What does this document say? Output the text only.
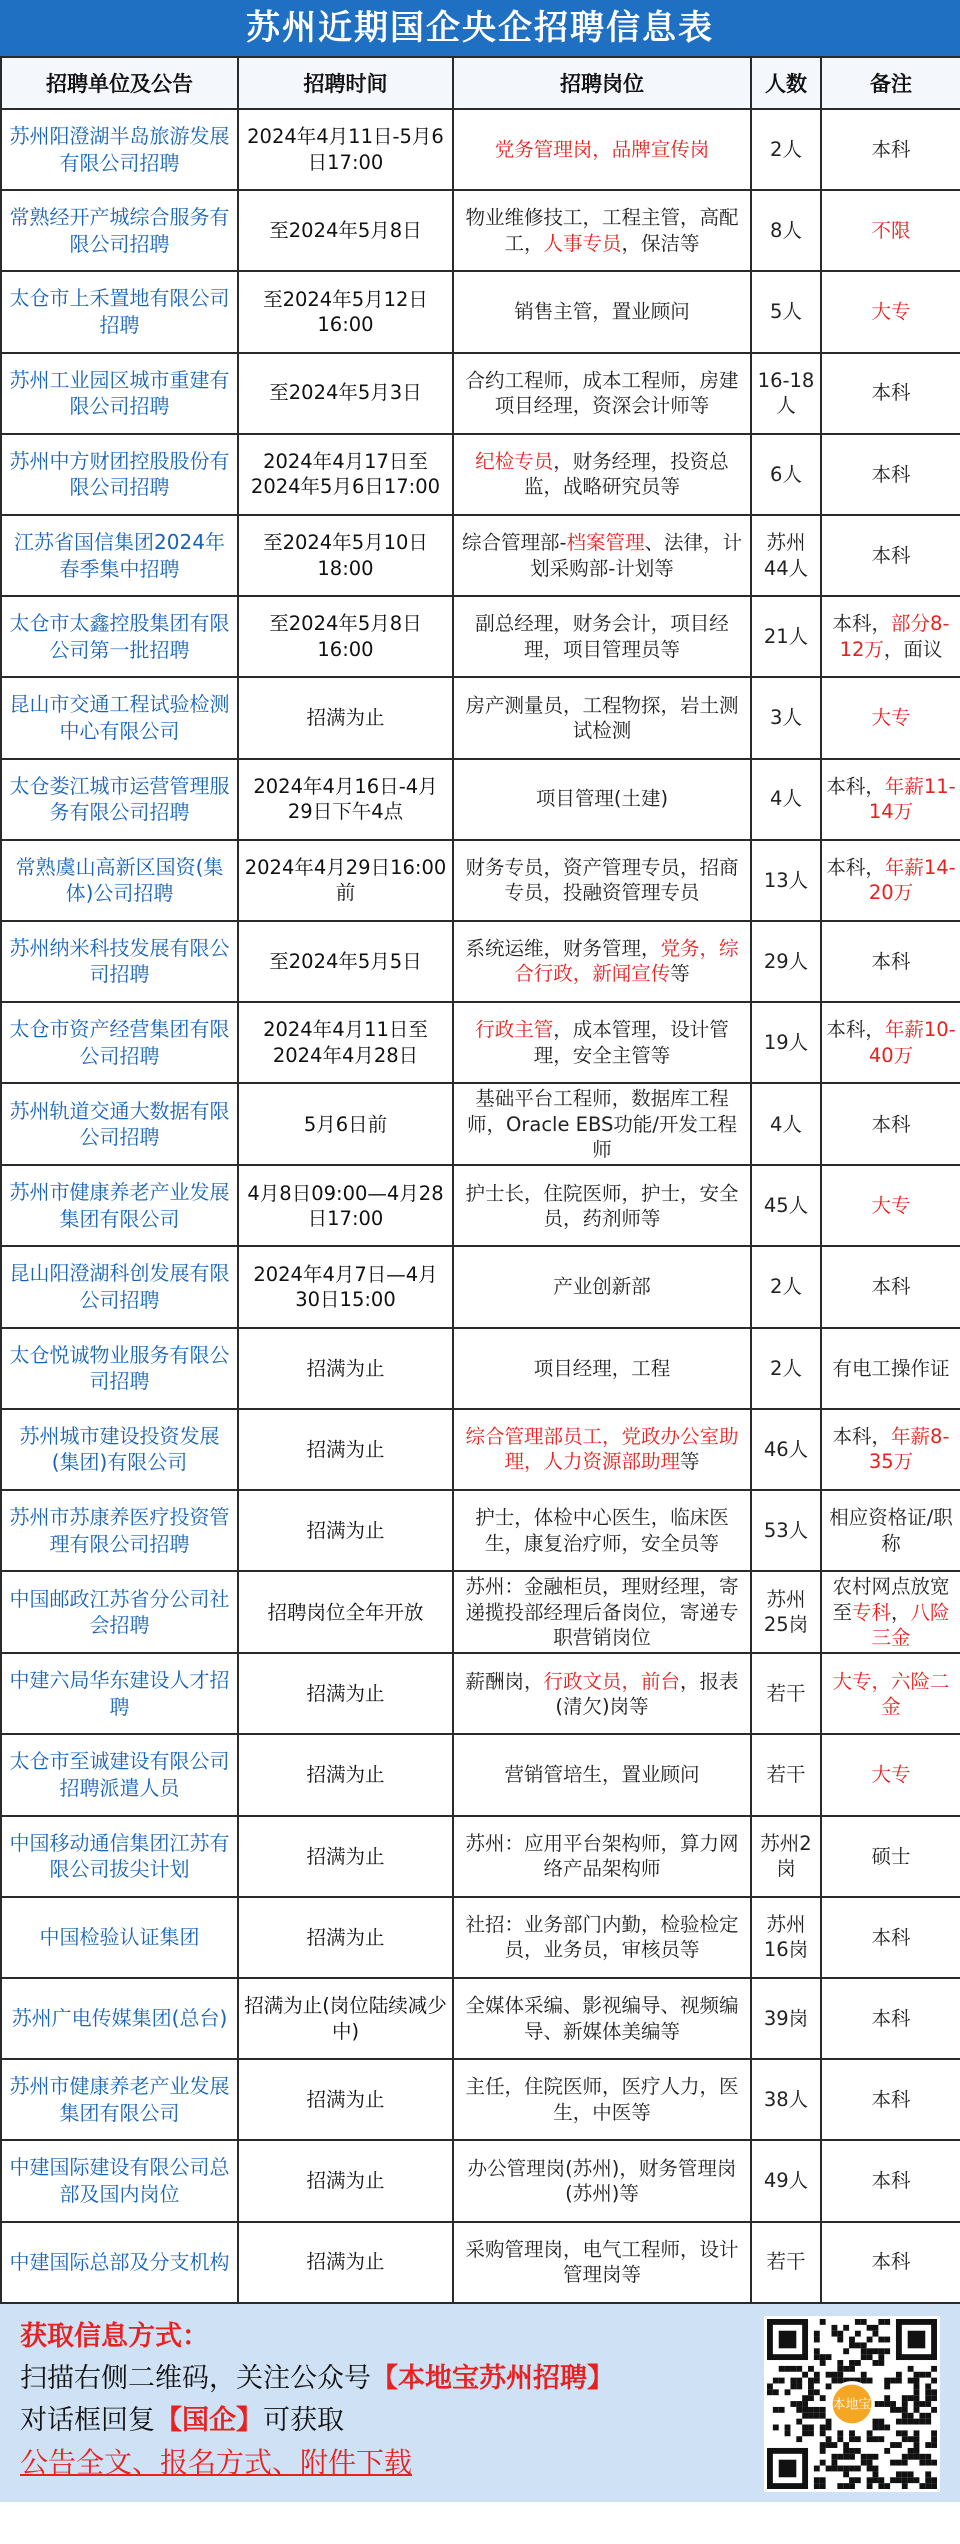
苏州近期国企央企招聘信息表
招聘单位及公告	招聘时间	招聘岗位	人数	备注
苏州阳澄湖半岛旅游发展有限公司招聘	2024年4月11日-5月6日17:00	党务管理岗，品牌宣传岗	2人	本科
常熟经开产城综合服务有限公司招聘	至2024年5月8日	物业维修技工，工程主管，高配工，人事专员，保洁等	8人	不限
太仓市上禾置地有限公司招聘	至2024年5月12日16:00	销售主管，置业顾问	5人	大专
苏州工业园区城市重建有限公司招聘	至2024年5月3日	合约工程师，成本工程师，房建项目经理，资深会计师等	16-18人	本科
苏州中方财团控股股份有限公司招聘	2024年4月17日至2024年5月6日17:00	纪检专员，财务经理，投资总监，战略研究员等	6人	本科
江苏省国信集团2024年春季集中招聘	至2024年5月10日18:00	综合管理部-档案管理、法律，计划采购部-计划等	苏州44人	本科
太仓市太鑫控股集团有限公司第一批招聘	至2024年5月8日16:00	副总经理，财务会计，项目经理，项目管理员等	21人	本科，部分8-12万，面议
昆山市交通工程试验检测中心有限公司	招满为止	房产测量员，工程物探，岩土测试检测	3人	大专
太仓娄江城市运营管理服务有限公司招聘	2024年4月16日-4月29日下午4点	项目管理(土建)	4人	本科，年薪11-14万
常熟虞山高新区国资(集体)公司招聘	2024年4月29日16:00前	财务专员，资产管理专员，招商专员，投融资管理专员	13人	本科，年薪14-20万
苏州纳米科技发展有限公司招聘	至2024年5月5日	系统运维，财务管理，党务，综合行政，新闻宣传等	29人	本科
太仓市资产经营集团有限公司招聘	2024年4月11日至2024年4月28日	行政主管，成本管理，设计管理，安全主管等	19人	本科，年薪10-40万
苏州轨道交通大数据有限公司招聘	5月6日前	基础平台工程师，数据库工程师，Oracle EBS功能/开发工程师	4人	本科
苏州市健康养老产业发展集团有限公司	4月8日09:00—4月28日17:00	护士长，住院医师，护士，安全员，药剂师等	45人	大专
昆山阳澄湖科创发展有限公司招聘	2024年4月7日—4月30日15:00	产业创新部	2人	本科
太仓悦诚物业服务有限公司招聘	招满为止	项目经理，工程	2人	有电工操作证
苏州城市建设投资发展(集团)有限公司	招满为止	综合管理部员工，党政办公室助理，人力资源部助理等	46人	本科，年薪8-35万
苏州市苏康养医疗投资管理有限公司招聘	招满为止	护士，体检中心医生，临床医生，康复治疗师，安全员等	53人	相应资格证/职称
中国邮政江苏省分公司社会招聘	招聘岗位全年开放	苏州：金融柜员，理财经理，寄递揽投部经理后备岗位，寄递专职营销岗位	苏州25岗	农村网点放宽至专科，八险三金
中建六局华东建设人才招聘	招满为止	薪酬岗，行政文员，前台，报表(清欠)岗等	若干	大专，六险二金
太仓市至诚建设有限公司招聘派遣人员	招满为止	营销管培生，置业顾问	若干	大专
中国移动通信集团江苏有限公司拔尖计划	招满为止	苏州：应用平台架构师，算力网络产品架构师	苏州2岗	硕士
中国检验认证集团	招满为止	社招：业务部门内勤，检验检定员，业务员，审核员等	苏州16岗	本科
苏州广电传媒集团(总台)	招满为止(岗位陆续减少中)	全媒体采编、影视编导、视频编导、新媒体美编等	39岗	本科
苏州市健康养老产业发展集团有限公司	招满为止	主任，住院医师，医疗人力，医生，中医等	38人	本科
中建国际建设有限公司总部及国内岗位	招满为止	办公管理岗(苏州)，财务管理岗(苏州)等	49人	本科
中建国际总部及分支机构	招满为止	采购管理岗，电气工程师，设计管理岗等	若干	本科
获取信息方式：
扫描右侧二维码，关注公众号【本地宝苏州招聘】
对话框回复【国企】可获取
公告全文、报名方式、附件下载
本地宝
